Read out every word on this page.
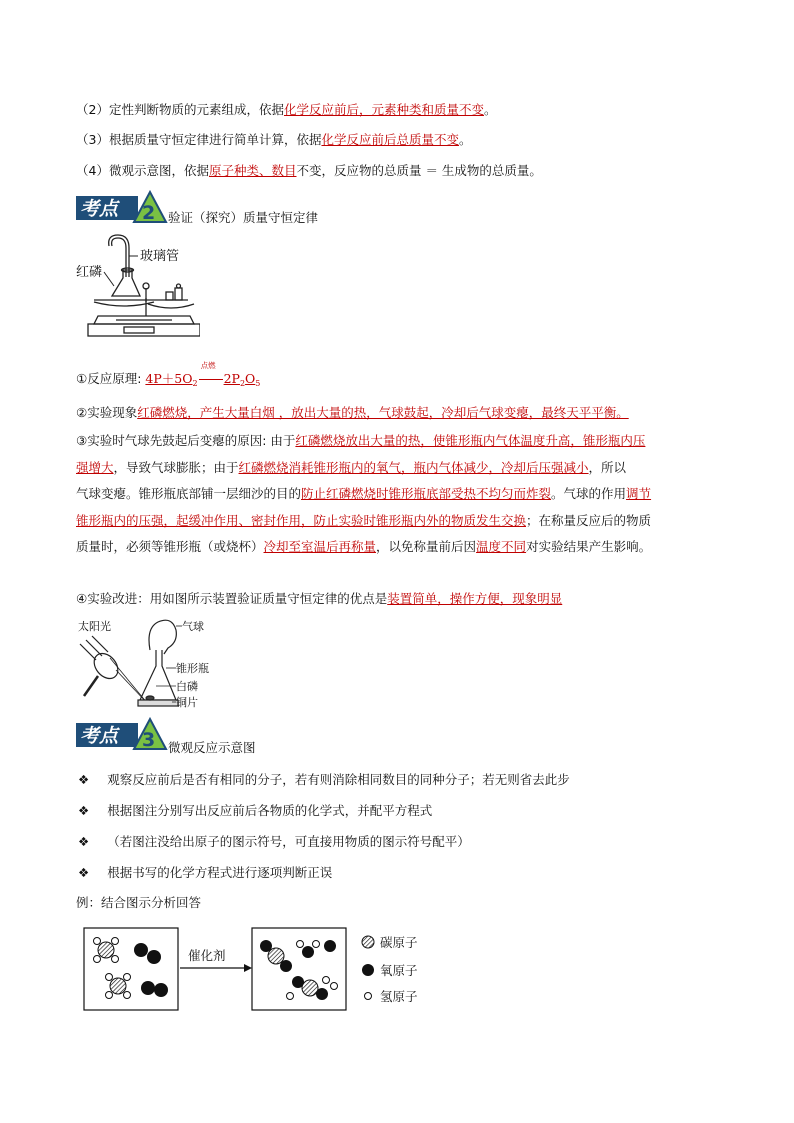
（2）定性判断物质的元素组成，依据化学反应前后，元素种类和质量不变。
（3）根据质量守恒定律进行简单计算，依据化学反应前后总质量不变。
（4）微观示意图，依据原子种类、数目不变，反应物的总质量 ＝ 生成物的总质量。
考点 2 验证（探究）质量守恒定律
红磷
玻璃管
①反应原理: $4P+5O_2$
点燃
$2P_2O_5$
②实验现象红磷燃烧，产生大量白烟 ，放出大量的热，气球鼓起，冷却后气球变瘪，最终天平平衡。
③实验时气球先鼓起后变瘪的原因: 由于红磷燃烧放出大量的热，使锥形瓶内气体温度升高，锥形瓶内压
强增大，导致气球膨胀；由于红磷燃烧消耗锥形瓶内的氧气，瓶内气体减少，冷却后压强减小，所以
气球变瘪。锥形瓶底部铺一层细沙的目的防止红磷燃烧时锥形瓶底部受热不均匀而炸裂。气球的作用调节
锥形瓶内的压强，起缓冲作用、密封作用，防止实验时锥形瓶内外的物质发生交换；在称量反应后的物质
质量时，必须等锥形瓶（或烧杯）冷却至室温后再称量，以免称量前后因温度不同对实验结果产生影响。
④实验改进：用如图所示装置验证质量守恒定律的优点是装置简单，操作方便，现象明显
太阳光	气球
锥形瓶
白磷
铜片
考点 3 微观反应示意图
❖ 观察反应前后是否有相同的分子，若有则消除相同数目的同种分子；若无则省去此步
❖ 根据图注分别写出反应前后各物质的化学式，并配平方程式
❖ （若图注没给出原子的图示符号，可直接用物质的图示符号配平）
❖ 根据书写的化学方程式进行逐项判断正误
例：结合图示分析回答
催化剂
碳原子
氧原子
氢原子
